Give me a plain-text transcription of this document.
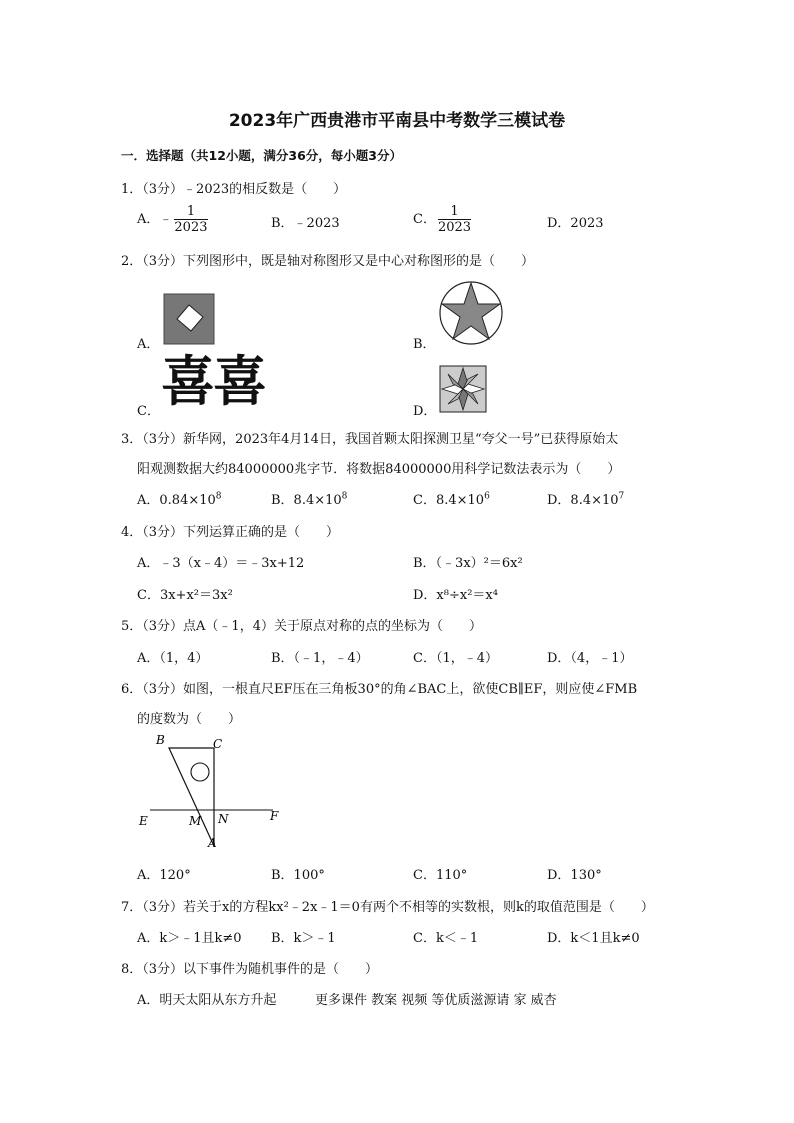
2023年广西贵港市平南县中考数学三模试卷
一．选择题（共12小题，满分36分，每小题3分）
1．（3分）﹣2023的相反数是（　　）
A．﹣ $\frac{1}{2023}$	B．﹣2023	C． $\frac{1}{2023}$	D．2023
2．（3分）下列图形中，既是轴对称图形又是中心对称图形的是（　　）
A．	B．
C． 喜喜	D．
3．（3分）新华网，2023年4月14日，我国首颗太阳探测卫星“夸父一号”已获得原始太
阳观测数据大约84000000兆字节．将数据84000000用科学记数法表示为（　　）
A．$0.84\times 10^8$	B．$8.4\times 10^8$	C．$8.4\times 10^6$	D．$8.4\times 10^7$
4．（3分）下列运算正确的是（　　）
A．﹣3（x﹣4）＝﹣3x+12	B．（﹣3x）²＝6x²
C．3x+x²＝3x²	D．x⁸÷x²＝x⁴
5．（3分）点A（﹣1，4）关于原点对称的点的坐标为（　　）
A．（1，4）	B．（﹣1，﹣4）	C．（1，﹣4）	D．（4，﹣1）
6．（3分）如图，一根直尺EF压在三角板30°的角∠BAC上，欲使CB∥EF，则应使∠FMB
的度数为（　　）
B	C
E	M N	F
A
A．120°	B．100°	C．110°	D．130°
7．（3分）若关于x的方程kx²﹣2x﹣1＝0有两个不相等的实数根，则k的取值范围是（　　）
A．k＞﹣1且k≠0 B．k＞﹣1	C．k＜﹣1	D．k＜1且k≠0
8．（3分）以下事件为随机事件的是（　　）
A．明天太阳从东方升起	更多课件 教案 视频 等优质滋源请 家 威杏
